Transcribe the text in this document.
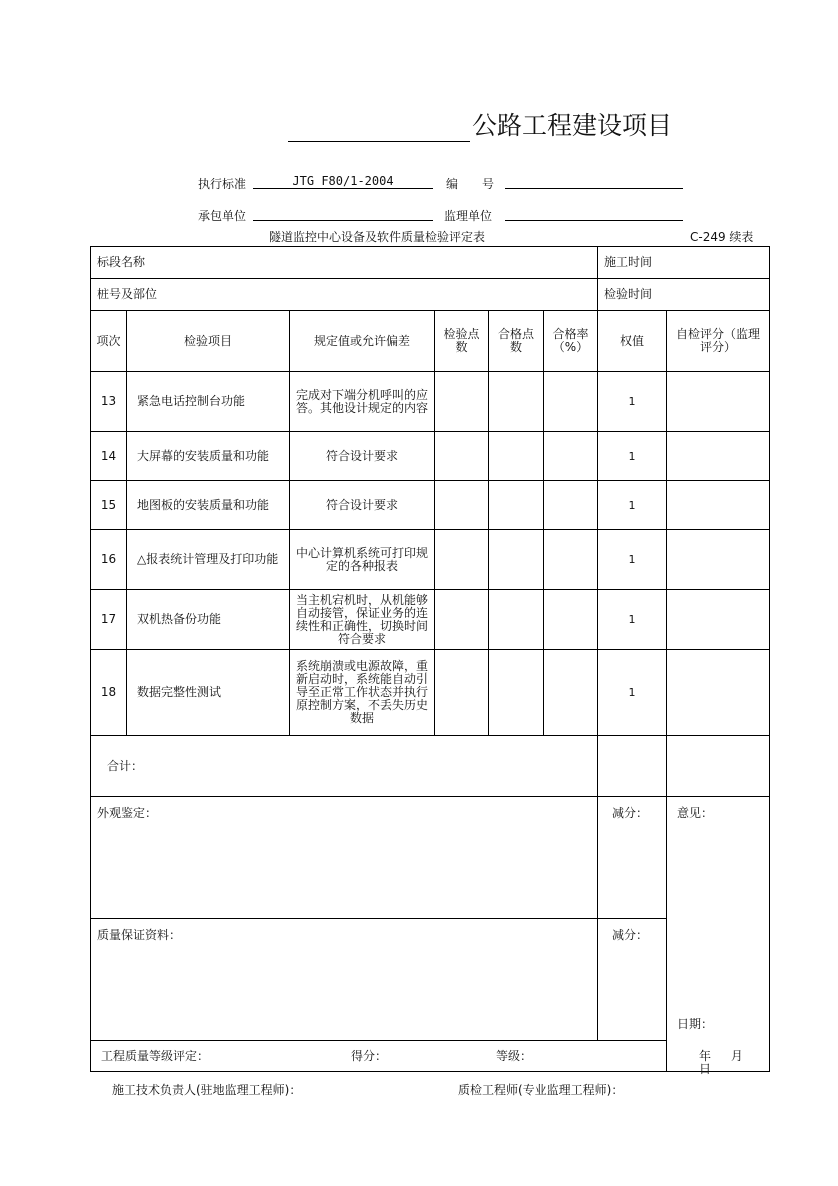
公路工程建设项目
执行标准	JTG F80/1-2004	编　　号
承包单位	监理单位
隧道监控中心设备及软件质量检验评定表	C-249 续表
标段名称						施工时间	
桩号及部位						检验时间	
项次	检验项目	规定值或允许偏差	检验点数	合格点数	合格率（%）	权值	自检评分（监理评分）
13	紧急电话控制台功能	完成对下端分机呼叫的应答。其他设计规定的内容				1	
14	大屏幕的安装质量和功能	符合设计要求				1	
15	地图板的安装质量和功能	符合设计要求				1	
16	△报表统计管理及打印功能	中心计算机系统可打印规定的各种报表				1	
17	双机热备份功能	当主机宕机时，从机能够自动接管，保证业务的连续性和正确性，切换时间符合要求				1	
18	数据完整性测试	系统崩溃或电源故障，重新启动时，系统能自动引导至正常工作状态并执行原控制方案，不丢失历史数据				1	
合计：							
外观鉴定：						减分：	意见：
日期：
年　 月　 日

质量保证资料：						减分：	
工程质量等级评定： 得分： 等级：							
施工技术负责人(驻地监理工程师)：	质检工程师(专业监理工程师)：
